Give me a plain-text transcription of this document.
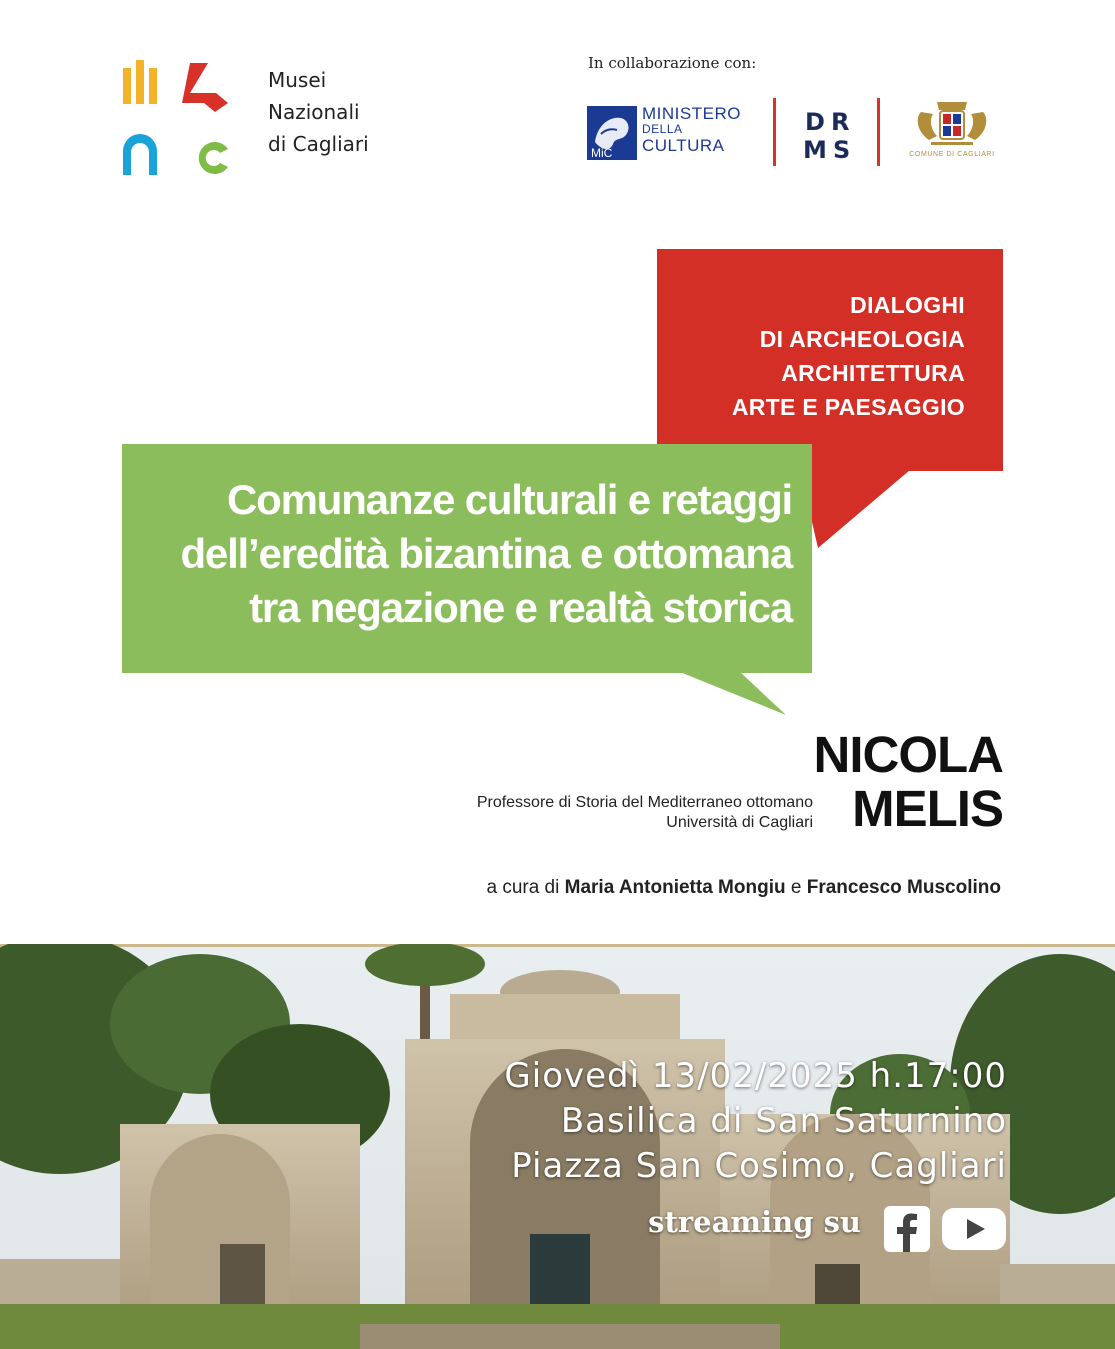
Musei
Nazionali
di Cagliari
In collaborazione con:
MiC
MINISTERO
DELLA
CULTURA
D R
M S	COMUNE DI CAGLIARI
DIALOGHI
DI ARCHEOLOGIA
ARCHITETTURA
ARTE E PAESAGGIO
Comunanze culturali e retaggi
dell’eredità bizantina e ottomana
tra negazione e realtà storica
NICOLA
MELIS
Professore di Storia del Mediterraneo ottomano
Università di Cagliari
a cura di Maria Antonietta Mongiu e Francesco Muscolino
Giovedì 13/02/2025 h.17:00
Basilica di San Saturnino
Piazza San Cosimo, Cagliari
streaming su
